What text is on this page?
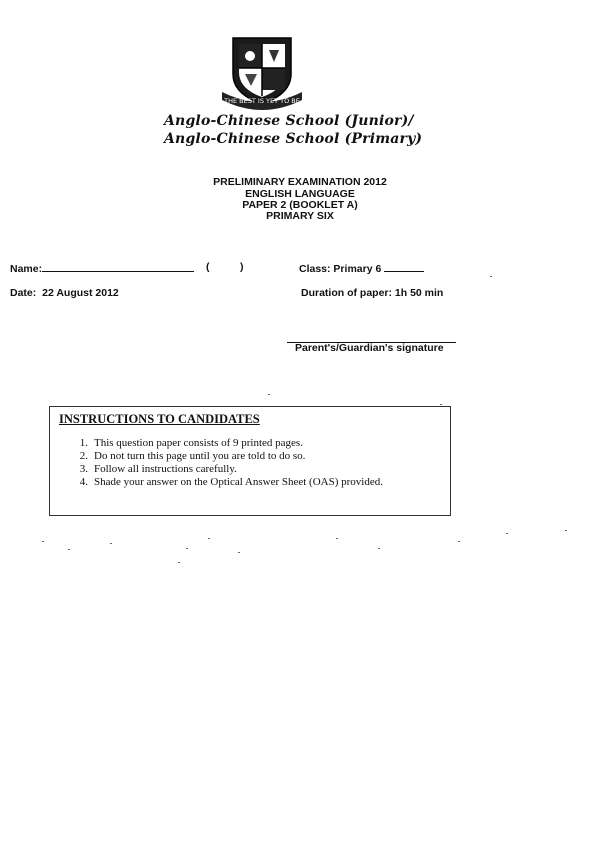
THE BEST IS YET TO BE
Anglo-Chinese School (Junior)/
Anglo-Chinese School (Primary)
PRELIMINARY EXAMINATION 2012
ENGLISH LANGUAGE
PAPER 2 (BOOKLET A)
PRIMARY SIX
Name:	(	)	Class: Primary 6
Date: 22 August 2012	Duration of paper: 1h 50 min
Parent's/Guardian's signature
INSTRUCTIONS TO CANDIDATES
1. This question paper consists of 9 printed pages.
2. Do not turn this page until you are told to do so.
3. Follow all instructions carefully.
4. Shade your answer on the Optical Answer Sheet (OAS) provided.
